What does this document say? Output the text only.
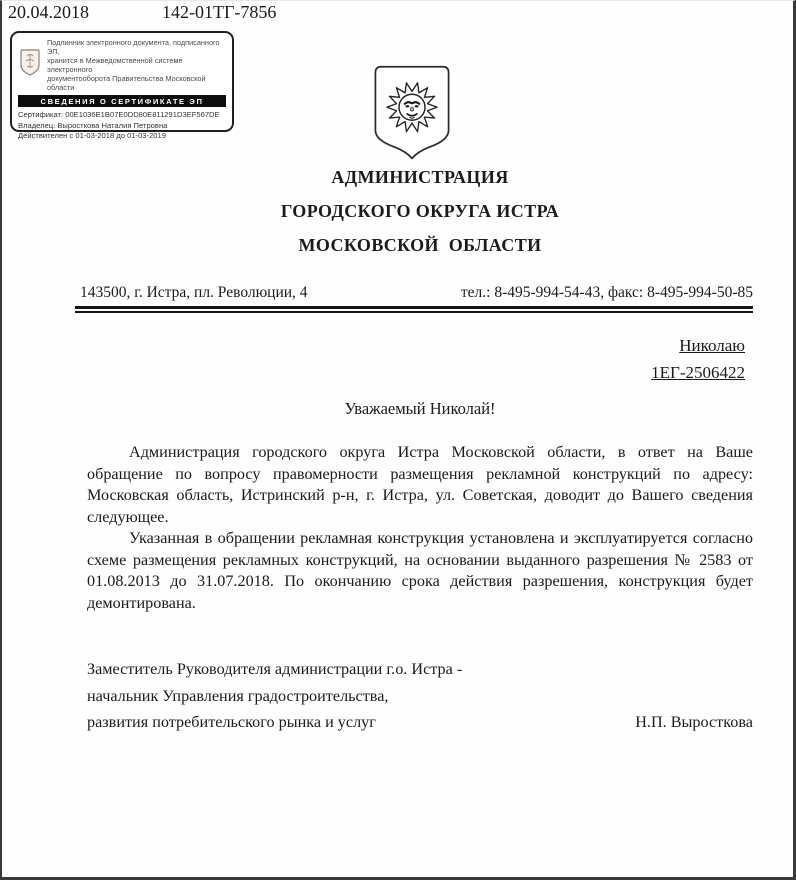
20.04.2018	142-01ТГ-7856
Подлинник электронного документа, подписанного ЭП,
хранится в Межведомственной системе электронного
документооборота Правительства Московской области
СВЕДЕНИЯ О СЕРТИФИКАТЕ ЭП
Сертификат: 00E1036E1B07E0DD80E811291D3EF567DE
Владелец: Выросткова Наталия Петровна
Действителен с 01-03-2018 до 01-03-2019
АДМИНИСТРАЦИЯ
ГОРОДСКОГО ОКРУГА ИСТРА
МОСКОВСКОЙ  ОБЛАСТИ
143500, г. Истра, пл. Революции, 4	тел.: 8-495-994-54-43, факс: 8-495-994-50-85
Николаю
1ЕГ-2506422
Уважаемый Николай!

Администрация городского округа Истра Московской области, в ответ на Ваше обращение по вопросу правомерности размещения рекламной конструкций по адресу: Московская область, Истринский р-н, г. Истра, ул. Советская, доводит до Вашего сведения следующее.

Указанная в обращении рекламная конструкция установлена и эксплуатируется согласно схеме размещения рекламных конструкций, на основании выданного разрешения № 2583 от 01.08.2013 до 31.07.2018. По окончанию срока действия разрешения, конструкция будет демонтирована.

Заместитель Руководителя администрации г.о. Истра -
начальник Управления градостроительства,
развития потребительского рынка и услуг	Н.П. Выросткова
